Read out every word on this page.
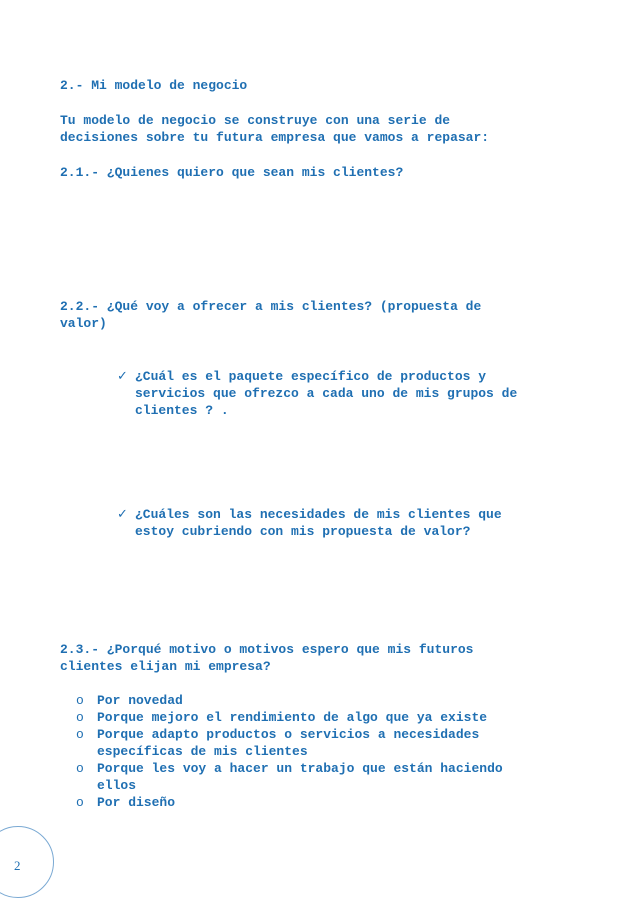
2.- Mi modelo de negocio
Tu modelo de negocio se construye con una serie de
decisiones sobre tu futura empresa que vamos a repasar:
2.1.- ¿Quienes quiero que sean mis clientes?
2.2.- ¿Qué voy a ofrecer a mis clientes? (propuesta de
valor)
✓ ¿Cuál es el paquete específico de productos y
servicios que ofrezco a cada uno de mis grupos de
clientes ? .
✓ ¿Cuáles son las necesidades de mis clientes que
estoy cubriendo con mis propuesta de valor?
2.3.- ¿Porqué motivo o motivos espero que mis futuros
clientes elijan mi empresa?
o Por novedad
o Porque mejoro el rendimiento de algo que ya existe
o Porque adapto productos o servicios a necesidades
específicas de mis clientes
o Porque les voy a hacer un trabajo que están haciendo
ellos
o Por diseño
2
